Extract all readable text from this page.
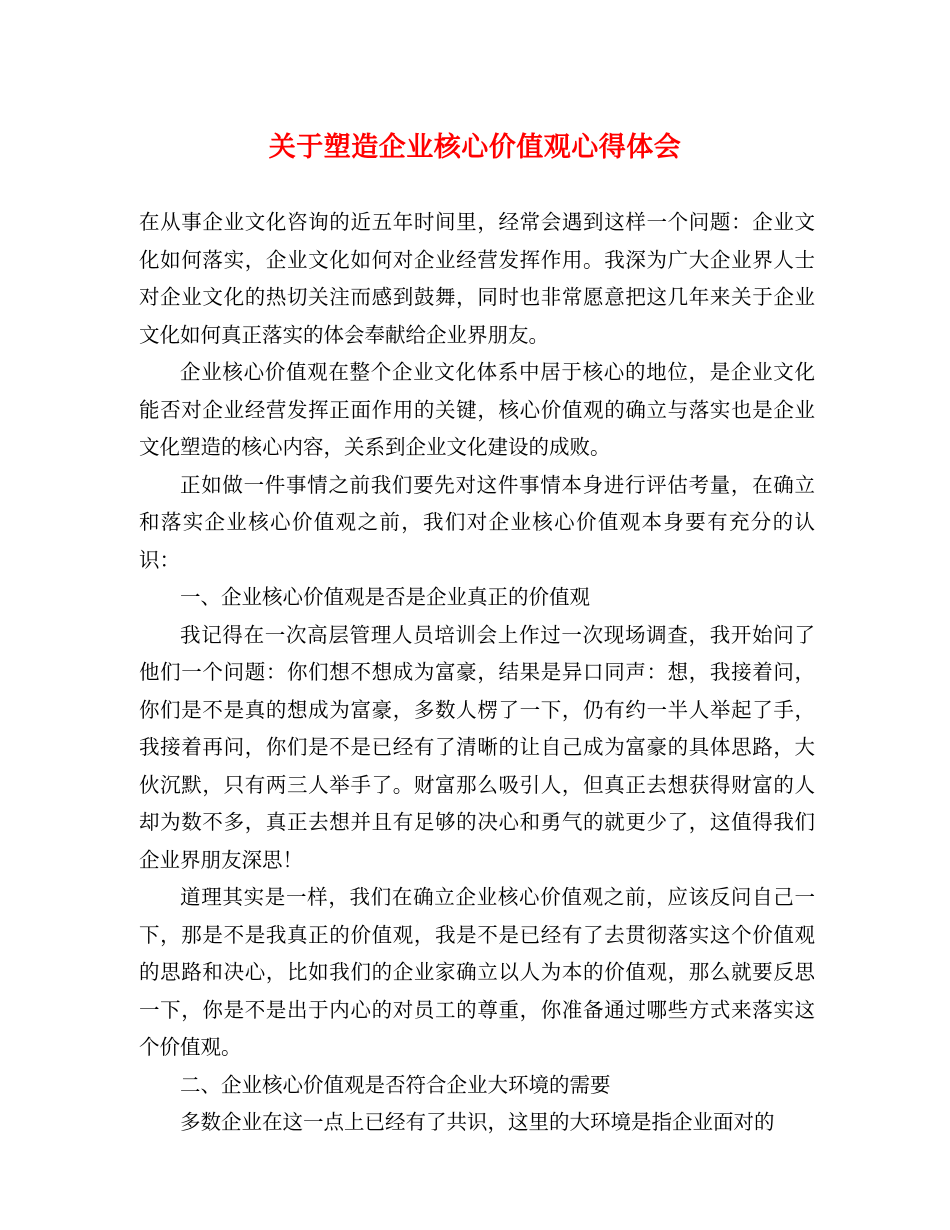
关于塑造企业核心价值观心得体会

在从事企业文化咨询的近五年时间里，经常会遇到这样一个问题：企业文化如何落实，企业文化如何对企业经营发挥作用。我深为广大企业界人士对企业文化的热切关注而感到鼓舞，同时也非常愿意把这几年来关于企业文化如何真正落实的体会奉献给企业界朋友。

企业核心价值观在整个企业文化体系中居于核心的地位，是企业文化能否对企业经营发挥正面作用的关键，核心价值观的确立与落实也是企业文化塑造的核心内容，关系到企业文化建设的成败。

正如做一件事情之前我们要先对这件事情本身进行评估考量，在确立和落实企业核心价值观之前，我们对企业核心价值观本身要有充分的认识：

一、企业核心价值观是否是企业真正的价值观

我记得在一次高层管理人员培训会上作过一次现场调查，我开始问了他们一个问题：你们想不想成为富豪，结果是异口同声：想，我接着问，你们是不是真的想成为富豪，多数人楞了一下，仍有约一半人举起了手，我接着再问，你们是不是已经有了清晰的让自己成为富豪的具体思路，大伙沉默，只有两三人举手了。财富那么吸引人，但真正去想获得财富的人却为数不多，真正去想并且有足够的决心和勇气的就更少了，这值得我们企业界朋友深思！

道理其实是一样，我们在确立企业核心价值观之前，应该反问自己一下，那是不是我真正的价值观，我是不是已经有了去贯彻落实这个价值观的思路和决心，比如我们的企业家确立以人为本的价值观，那么就要反思一下，你是不是出于内心的对员工的尊重，你准备通过哪些方式来落实这个价值观。

二、企业核心价值观是否符合企业大环境的需要

多数企业在这一点上已经有了共识，这里的大环境是指企业面对的
